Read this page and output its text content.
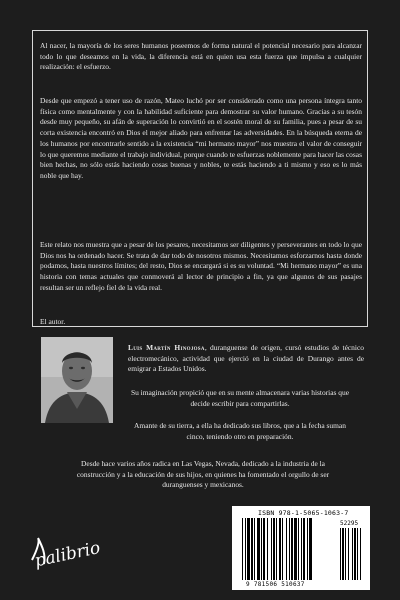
Al nacer, la mayoría de los seres humanos poseemos de forma natural el potencial necesario para alcanzar todo lo que deseamos en la vida, la diferencia está en quien usa esta fuerza que impulsa a cualquier realización: el esfuerzo.

Desde que empezó a tener uso de razón, Mateo luchó por ser considerado como una persona íntegra tanto física como mentalmente y con la habilidad suficiente para demostrar su valor humano. Gracias a su tesón desde muy pequeño, su afán de superación lo convirtió en el sostén moral de su familia, pues a pesar de su corta existencia encontró en Dios el mejor aliado para enfrentar las adversidades. En la búsqueda eterna de los humanos por encontrarle sentido a la existencia “mi hermano mayor” nos muestra el valor de conseguir lo que queremos mediante el trabajo individual, porque cuando te esfuerzas noblemente para hacer las cosas bien hechas, no sólo estás haciendo cosas buenas y nobles, te estás haciendo a ti mismo y eso es lo más noble que hay.

Este relato nos muestra que a pesar de los pesares, necesitamos ser diligentes y perseverantes en todo lo que Dios nos ha ordenado hacer. Se trata de dar todo de nosotros mismos. Necesitamos esforzarnos hasta donde podamos, hasta nuestros límites; del resto, Dios se encargará si es su voluntad. “Mi hermano mayor” es una historia con temas actuales que conmoverá al lector de principio a fin, ya que algunos de sus pasajes resultan ser un reflejo fiel de la vida real.

El autor.

Luis Martín Hinojosa, duranguense de origen, cursó estudios de técnico electromecánico, actividad que ejerció en la ciudad de Durango antes de emigrar a Estados Unidos.

Su imaginación propició que en su mente almacenara varias historias que decide escribir para compartirlas.

Amante de su tierra, a ella ha dedicado sus libros, que a la fecha suman cinco, teniendo otro en preparación.

Desde hace varios años radica en Las Vegas, Nevada, dedicado a la industria de la construcción y a la educación de sus hijos, en quienes ha fomentado el orgullo de ser duranguenses y mexicanos.

palibrio
ISBN 978-1-5065-1063-7
52295
9 781506 510637
